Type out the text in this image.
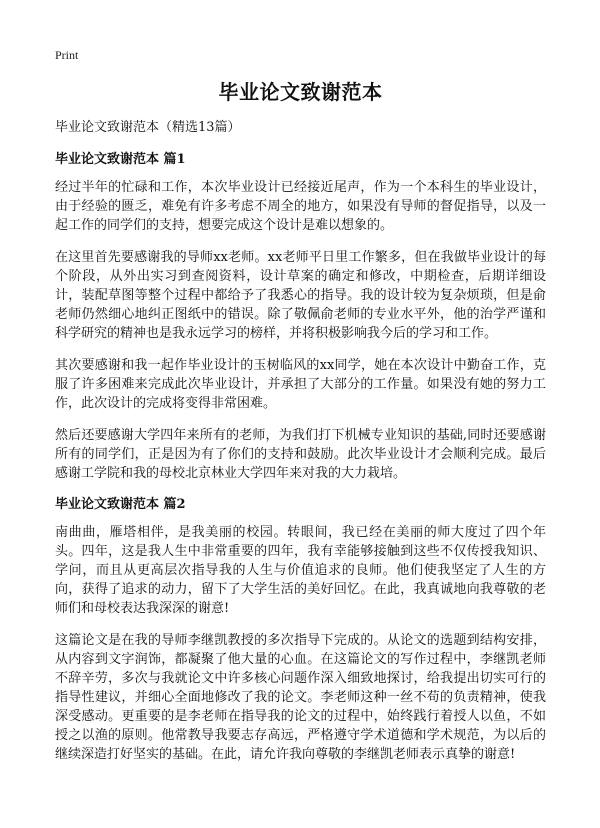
Print
毕业论文致谢范本
毕业论文致谢范本（精选13篇）
毕业论文致谢范本 篇1

经过半年的忙碌和工作，本次毕业设计已经接近尾声，作为一个本科生的毕业设计，由于经验的匮乏，难免有许多考虑不周全的地方，如果没有导师的督促指导，以及一起工作的同学们的支持，想要完成这个设计是难以想象的。

在这里首先要感谢我的导师xx老师。xx老师平日里工作繁多，但在我做毕业设计的每个阶段，从外出实习到查阅资料，设计草案的确定和修改，中期检查，后期详细设计，装配草图等整个过程中都给予了我悉心的指导。我的设计较为复杂烦琐，但是俞老师仍然细心地纠正图纸中的错误。除了敬佩俞老师的专业水平外，他的治学严谨和科学研究的精神也是我永远学习的榜样，并将积极影响我今后的学习和工作。

其次要感谢和我一起作毕业设计的玉树临风的xx同学，她在本次设计中勤奋工作，克服了许多困难来完成此次毕业设计，并承担了大部分的工作量。如果没有她的努力工作，此次设计的完成将变得非常困难。

然后还要感谢大学四年来所有的老师，为我们打下机械专业知识的基础,同时还要感谢所有的同学们，正是因为有了你们的支持和鼓励。此次毕业设计才会顺利完成。最后感谢工学院和我的母校北京林业大学四年来对我的大力栽培。

毕业论文致谢范本 篇2

南曲曲，雁塔相伴，是我美丽的校园。转眼间，我已经在美丽的师大度过了四个年头。四年，这是我人生中非常重要的四年，我有幸能够接触到这些不仅传授我知识、学问，而且从更高层次指导我的人生与价值追求的良师。他们使我坚定了人生的方向，获得了追求的动力，留下了大学生活的美好回忆。在此，我真诚地向我尊敬的老师们和母校表达我深深的谢意!

这篇论文是在我的导师李继凯教授的多次指导下完成的。从论文的选题到结构安排，从内容到文字润饰，都凝聚了他大量的心血。在这篇论文的写作过程中，李继凯老师不辞辛劳，多次与我就论文中许多核心问题作深入细致地探讨，给我提出切实可行的指导性建议，并细心全面地修改了我的论文。李老师这种一丝不苟的负责精神，使我深受感动。更重要的是李老师在指导我的论文的过程中，始终践行着授人以鱼，不如授之以渔的原则。他常教导我要志存高远，严格遵守学术道德和学术规范，为以后的继续深造打好坚实的基础。在此，请允许我向尊敬的李继凯老师表示真挚的谢意!
